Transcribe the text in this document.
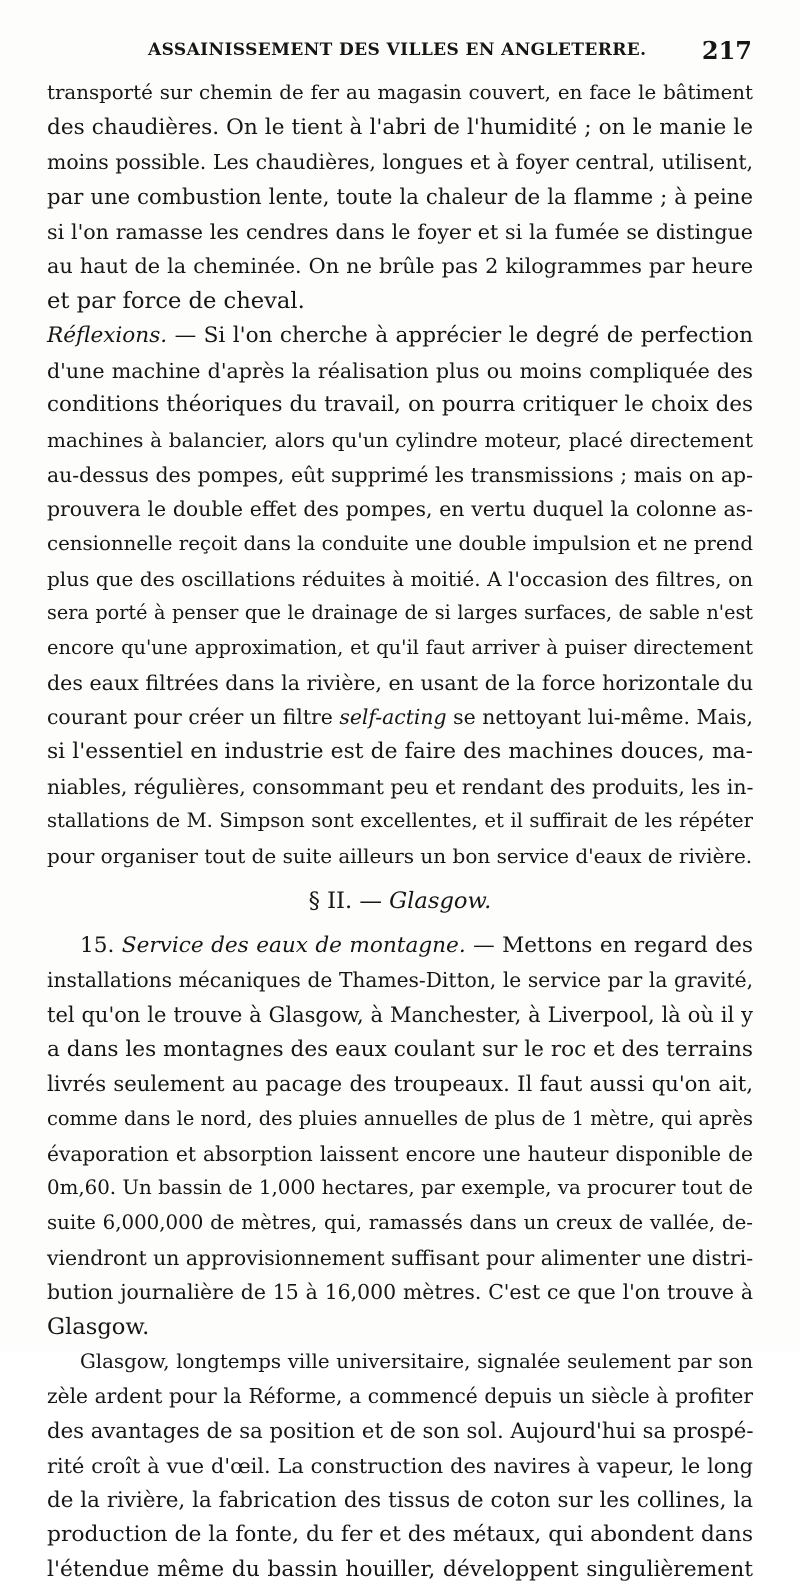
ASSAINISSEMENT DES VILLES EN ANGLETERRE. 217
transporté sur chemin de fer au magasin couvert, en face le bâtiment
des chaudières. On le tient à l'abri de l'humidité ; on le manie le
moins possible. Les chaudières, longues et à foyer central, utilisent,
par une combustion lente, toute la chaleur de la flamme ; à peine
si l'on ramasse les cendres dans le foyer et si la fumée se distingue
au haut de la cheminée. On ne brûle pas 2 kilogrammes par heure
et par force de cheval.
Réflexions. — Si l'on cherche à apprécier le degré de perfection
d'une machine d'après la réalisation plus ou moins compliquée des
conditions théoriques du travail, on pourra critiquer le choix des
machines à balancier, alors qu'un cylindre moteur, placé directement
au-dessus des pompes, eût supprimé les transmissions ; mais on ap-
prouvera le double effet des pompes, en vertu duquel la colonne as-
censionnelle reçoit dans la conduite une double impulsion et ne prend
plus que des oscillations réduites à moitié. A l'occasion des filtres, on
sera porté à penser que le drainage de si larges surfaces, de sable n'est
encore qu'une approximation, et qu'il faut arriver à puiser directement
des eaux filtrées dans la rivière, en usant de la force horizontale du
courant pour créer un filtre self-acting se nettoyant lui-même. Mais,
si l'essentiel en industrie est de faire des machines douces, ma-
niables, régulières, consommant peu et rendant des produits, les in-
stallations de M. Simpson sont excellentes, et il suffirait de les répéter
pour organiser tout de suite ailleurs un bon service d'eaux de rivière.
§ II. — Glasgow.
15. Service des eaux de montagne. — Mettons en regard des
installations mécaniques de Thames-Ditton, le service par la gravité,
tel qu'on le trouve à Glasgow, à Manchester, à Liverpool, là où il y
a dans les montagnes des eaux coulant sur le roc et des terrains
livrés seulement au pacage des troupeaux. Il faut aussi qu'on ait,
comme dans le nord, des pluies annuelles de plus de 1 mètre, qui après
évaporation et absorption laissent encore une hauteur disponible de
0m,60. Un bassin de 1,000 hectares, par exemple, va procurer tout de
suite 6,000,000 de mètres, qui, ramassés dans un creux de vallée, de-
viendront un approvisionnement suffisant pour alimenter une distri-
bution journalière de 15 à 16,000 mètres. C'est ce que l'on trouve à
Glasgow.
Glasgow, longtemps ville universitaire, signalée seulement par son
zèle ardent pour la Réforme, a commencé depuis un siècle à profiter
des avantages de sa position et de son sol. Aujourd'hui sa prospé-
rité croît à vue d'œil. La construction des navires à vapeur, le long
de la rivière, la fabrication des tissus de coton sur les collines, la
production de la fonte, du fer et des métaux, qui abondent dans
l'étendue même du bassin houiller, développent singulièrement
